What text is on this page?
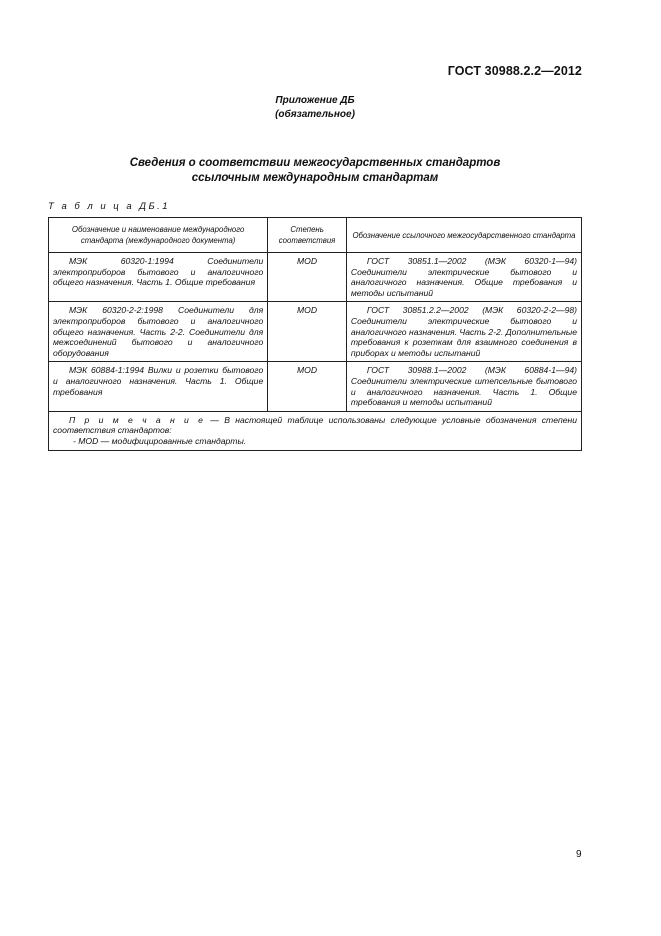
ГОСТ 30988.2.2—2012
Приложение ДБ
(обязательное)
Сведения о соответствии межгосударственных стандартов
ссылочным международным стандартам
Т а б л и ц а ДБ.1
Обозначение и наименование международного стандарта (международного документа)	Степень соответствия	Обозначение ссылочного межгосударственного стандарта
МЭК 60320-1:1994 Соединители электроприборов бытового и аналогичного общего назначения. Часть 1. Общие требования	MOD	ГОСТ 30851.1—2002 (МЭК 60320-1—94) Соединители электрические бытового и аналогичного назначения. Общие требования и методы испытаний
МЭК 60320-2-2:1998 Соединители для электроприборов бытового и аналогичного общего назначения. Часть 2-2. Соединители для межсоединений бытового и аналогичного оборудования	MOD	ГОСТ 30851.2.2—2002 (МЭК 60320-2-2—98) Соединители электрические бытового и аналогичного назначения. Часть 2-2. Дополнительные требования к розеткам для взаимного соединения в приборах и методы испытаний
МЭК 60884-1:1994 Вилки и розетки бытового и аналогичного назначения. Часть 1. Общие требования	MOD	ГОСТ 30988.1—2002 (МЭК 60884-1—94) Соединители электрические штепсельные бытового и аналогичного назначения. Часть 1. Общие требования и методы испытаний

П р и м е ч а н и е — В настоящей таблице использованы следующие условные обозначения степени соответствия стандартов:

- MOD — модифицированные стандарты.		

9
